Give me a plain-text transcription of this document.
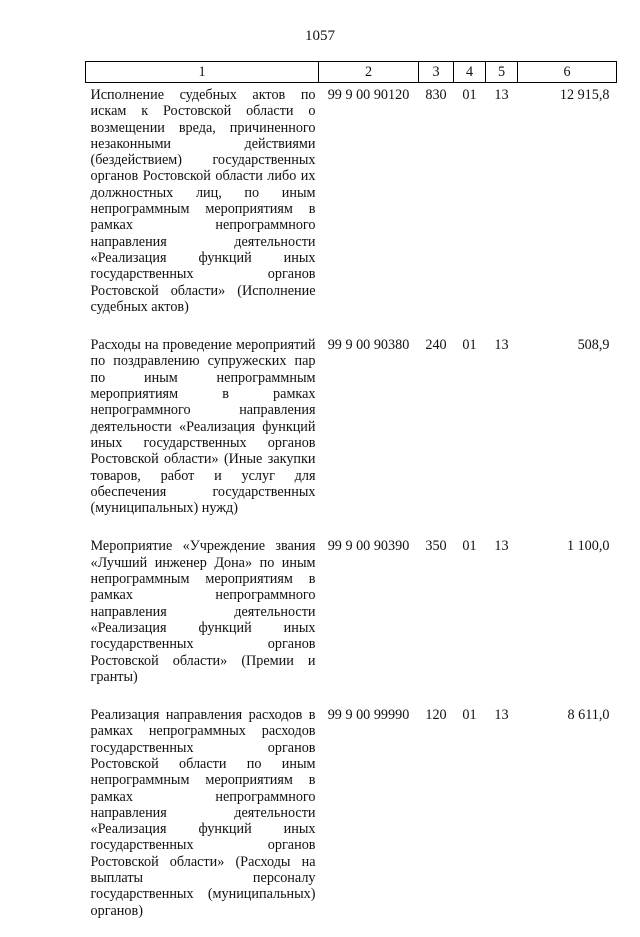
1057
1	2	3	4	5	6
Исполнение судебных актов по искам к Ростовской области о возмещении вреда, причиненного незаконными действиями (бездействием) государственных органов Ростовской области либо их должностных лиц, по иным непрограммным мероприятиям в рамках непрограммного направления деятельности «Реализация функций иных государственных органов Ростовской области» (Исполнение судебных актов)	99 9 00 90120	830	01	13	12 915,8
Расходы на проведение мероприятий по поздравлению супружеских пар по иным непрограммным мероприятиям в рамках непрограммного направления деятельности «Реализация функций иных государственных органов Ростовской области» (Иные закупки товаров, работ и услуг для обеспечения государственных (муниципальных) нужд)	99 9 00 90380	240	01	13	508,9
Мероприятие «Учреждение звания «Лучший инженер Дона» по иным непрограммным мероприятиям в рамках непрограммного направления деятельности «Реализация функций иных государственных органов Ростовской области» (Премии и гранты)	99 9 00 90390	350	01	13	1 100,0
Реализация направления расходов в рамках непрограммных расходов государственных органов Ростовской области по иным непрограммным мероприятиям в рамках непрограммного направления деятельности «Реализация функций иных государственных органов Ростовской области» (Расходы на выплаты персоналу государственных (муниципальных) органов)	99 9 00 99990	120	01	13	8 611,0
